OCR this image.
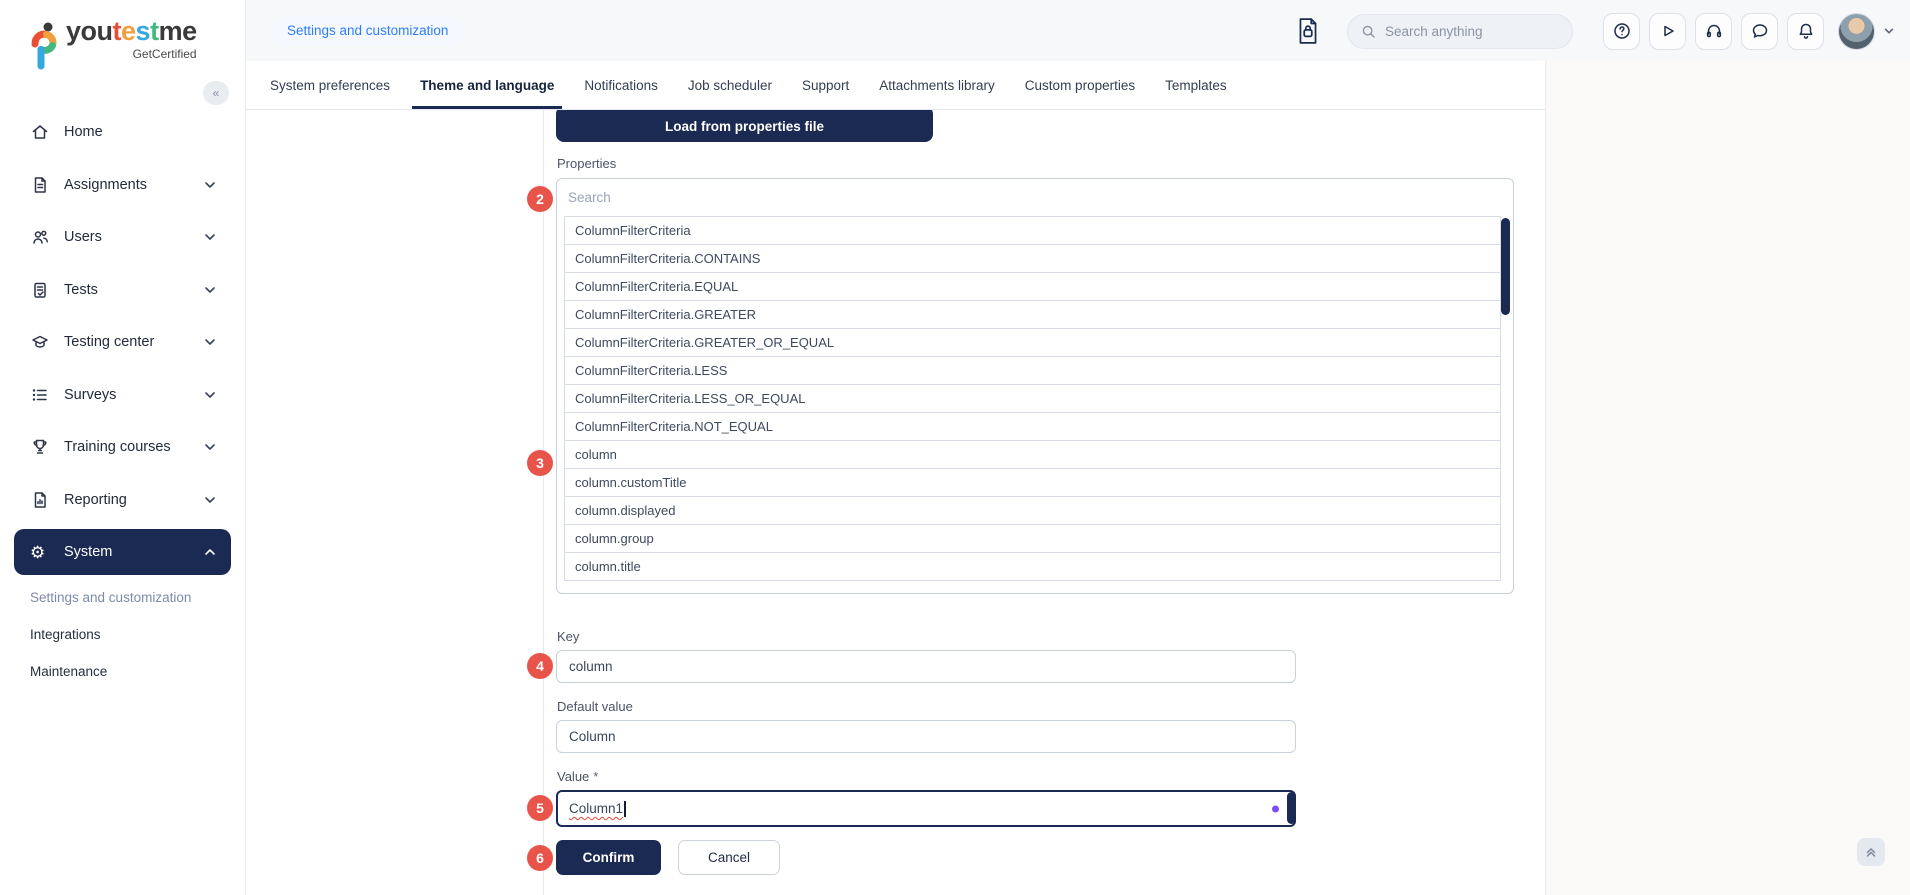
youtestme
GetCertified
«
Home
Assignments
Users
Tests
Testing center
Surveys
Training courses
Reporting
⚙	System
Settings and customization
Integrations
Maintenance
Settings and customization
Search anything
System preferences Theme and language Notifications Job scheduler Support Attachments library Custom properties Templates
Load from properties file
Properties
Search
ColumnFilterCriteria
ColumnFilterCriteria.CONTAINS
ColumnFilterCriteria.EQUAL
ColumnFilterCriteria.GREATER
ColumnFilterCriteria.GREATER_OR_EQUAL
ColumnFilterCriteria.LESS
ColumnFilterCriteria.LESS_OR_EQUAL
ColumnFilterCriteria.NOT_EQUAL
column
column.customTitle
column.displayed
column.group
column.title
Key
column
Default value
Column
Value *
Column1
Confirm	Cancel
2
3
4
5
6
